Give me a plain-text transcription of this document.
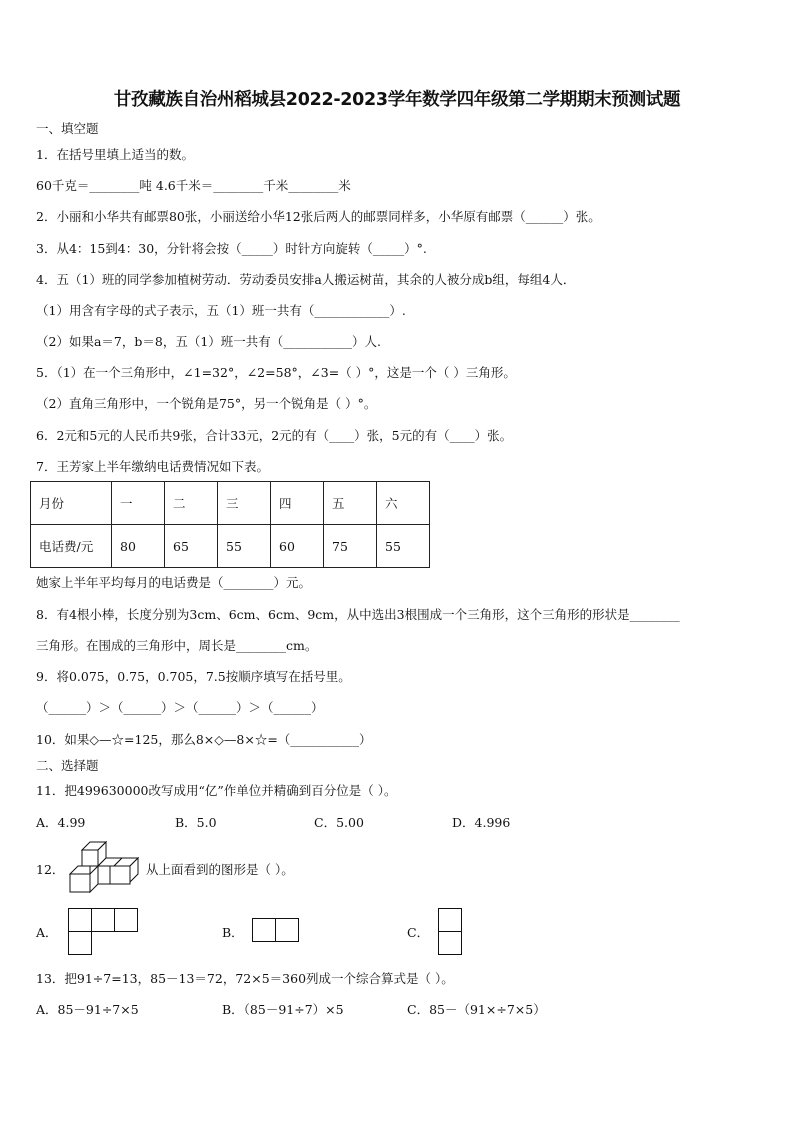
甘孜藏族自治州稻城县2022-2023学年数学四年级第二学期期末预测试题
一、填空题
1．在括号里填上适当的数。
60千克＝________吨 4.6千米＝________千米________米
2．小丽和小华共有邮票80张，小丽送给小华12张后两人的邮票同样多，小华原有邮票（______）张。
3．从4：15到4：30，分针将会按（_____）时针方向旋转（_____）°.
4．五（1）班的同学参加植树劳动．劳动委员安排a人搬运树苗，其余的人被分成b组，每组4人．
（1）用含有字母的式子表示，五（1）班一共有（____________）.
（2）如果a＝7，b＝8，五（1）班一共有（___________）人.
5．（1）在一个三角形中，∠1=32°，∠2=58°，∠3=（ ）°，这是一个（ ）三角形。
（2）直角三角形中，一个锐角是75°，另一个锐角是（ ）°。
6．2元和5元的人民币共9张，合计33元，2元的有（____）张，5元的有（____）张。
7．王芳家上半年缴纳电话费情况如下表。
月份	一	二	三	四	五	六
电话费/元	80	65	55	60	75	55
她家上半年平均每月的电话费是（________）元。
8．有4根小棒，长度分别为3cm、6cm、6cm、9cm，从中选出3根围成一个三角形，这个三角形的形状是________
三角形。在围成的三角形中，周长是________cm。
9．将0.075，0.75，0.705，7.5按顺序填写在括号里。
（______）＞（______）＞（______）＞（______）
10．如果◇—☆=125，那么8×◇—8×☆=（___________）
二、选择题
11．把499630000改写成用“亿”作单位并精确到百分位是（ ）。
A．4.99	B．5.0	C．5.00	D．4.996
12．	从上面看到的图形是（ ）。
A．	B．	C．
13．把91÷7=13，85－13＝72，72×5＝360列成一个综合算式是（ ）。
A．85－91÷7×5	B．（85－91÷7）×5	C．85－（91×÷7×5）
